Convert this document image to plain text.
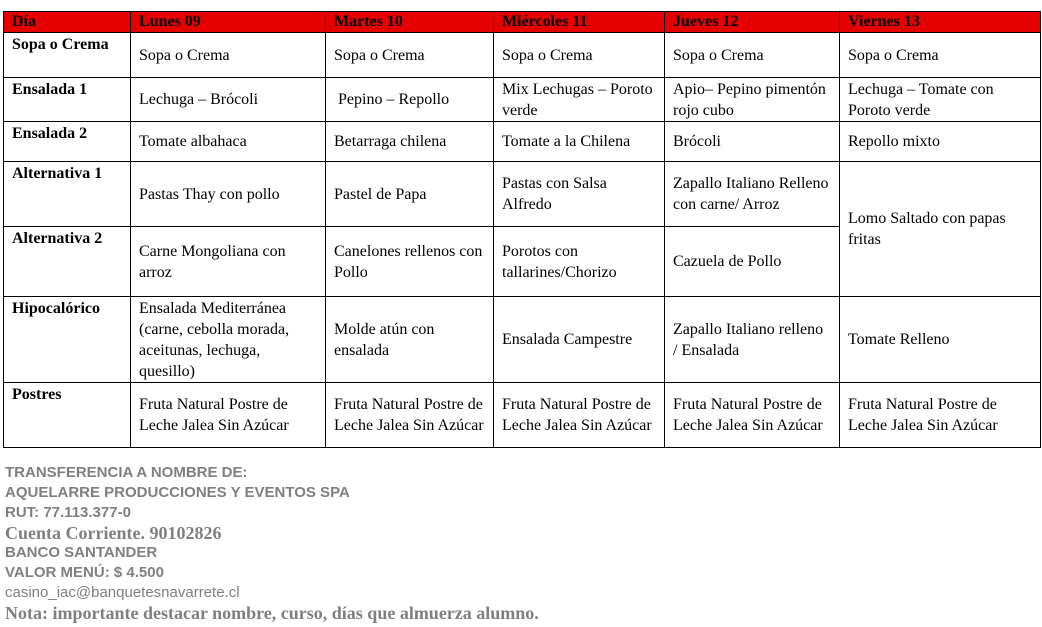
Día	Lunes 09	Martes 10	Miércoles 11	Jueves 12	Viernes 13
Sopa o Crema	Sopa o Crema	Sopa o Crema	Sopa o Crema	Sopa o Crema	Sopa o Crema
Ensalada 1	Lechuga – Brócoli	Pepino – Repollo	Mix Lechugas – Poroto verde	Apio– Pepino pimentón rojo cubo	Lechuga – Tomate con Poroto verde
Ensalada 2	Tomate albahaca	Betarraga chilena	Tomate a la Chilena	Brócoli	Repollo mixto
Alternativa 1	Pastas Thay con pollo	Pastel de Papa	Pastas con Salsa Alfredo	Zapallo Italiano Relleno con carne/ Arroz	Lomo Saltado con papas fritas
Alternativa 2	Carne Mongoliana con arroz	Canelones rellenos con Pollo	Porotos con tallarines/Chorizo	Cazuela de Pollo	
Hipocalórico	Ensalada Mediterránea (carne, cebolla morada, aceitunas, lechuga, quesillo)	Molde atún con ensalada	Ensalada Campestre	Zapallo Italiano relleno / Ensalada	Tomate Relleno
Postres	Fruta Natural Postre de Leche Jalea Sin Azúcar	Fruta Natural Postre de Leche Jalea Sin Azúcar	Fruta Natural Postre de Leche Jalea Sin Azúcar	Fruta Natural Postre de Leche Jalea Sin Azúcar	Fruta Natural Postre de Leche Jalea Sin Azúcar
TRANSFERENCIA A NOMBRE DE:
AQUELARRE PRODUCCIONES Y EVENTOS SPA
RUT: 77.113.377-0
Cuenta Corriente. 90102826
BANCO SANTANDER
VALOR MENÚ: $ 4.500
casino_iac@banquetesnavarrete.cl
Nota: importante destacar nombre, curso, días que almuerza alumno.
